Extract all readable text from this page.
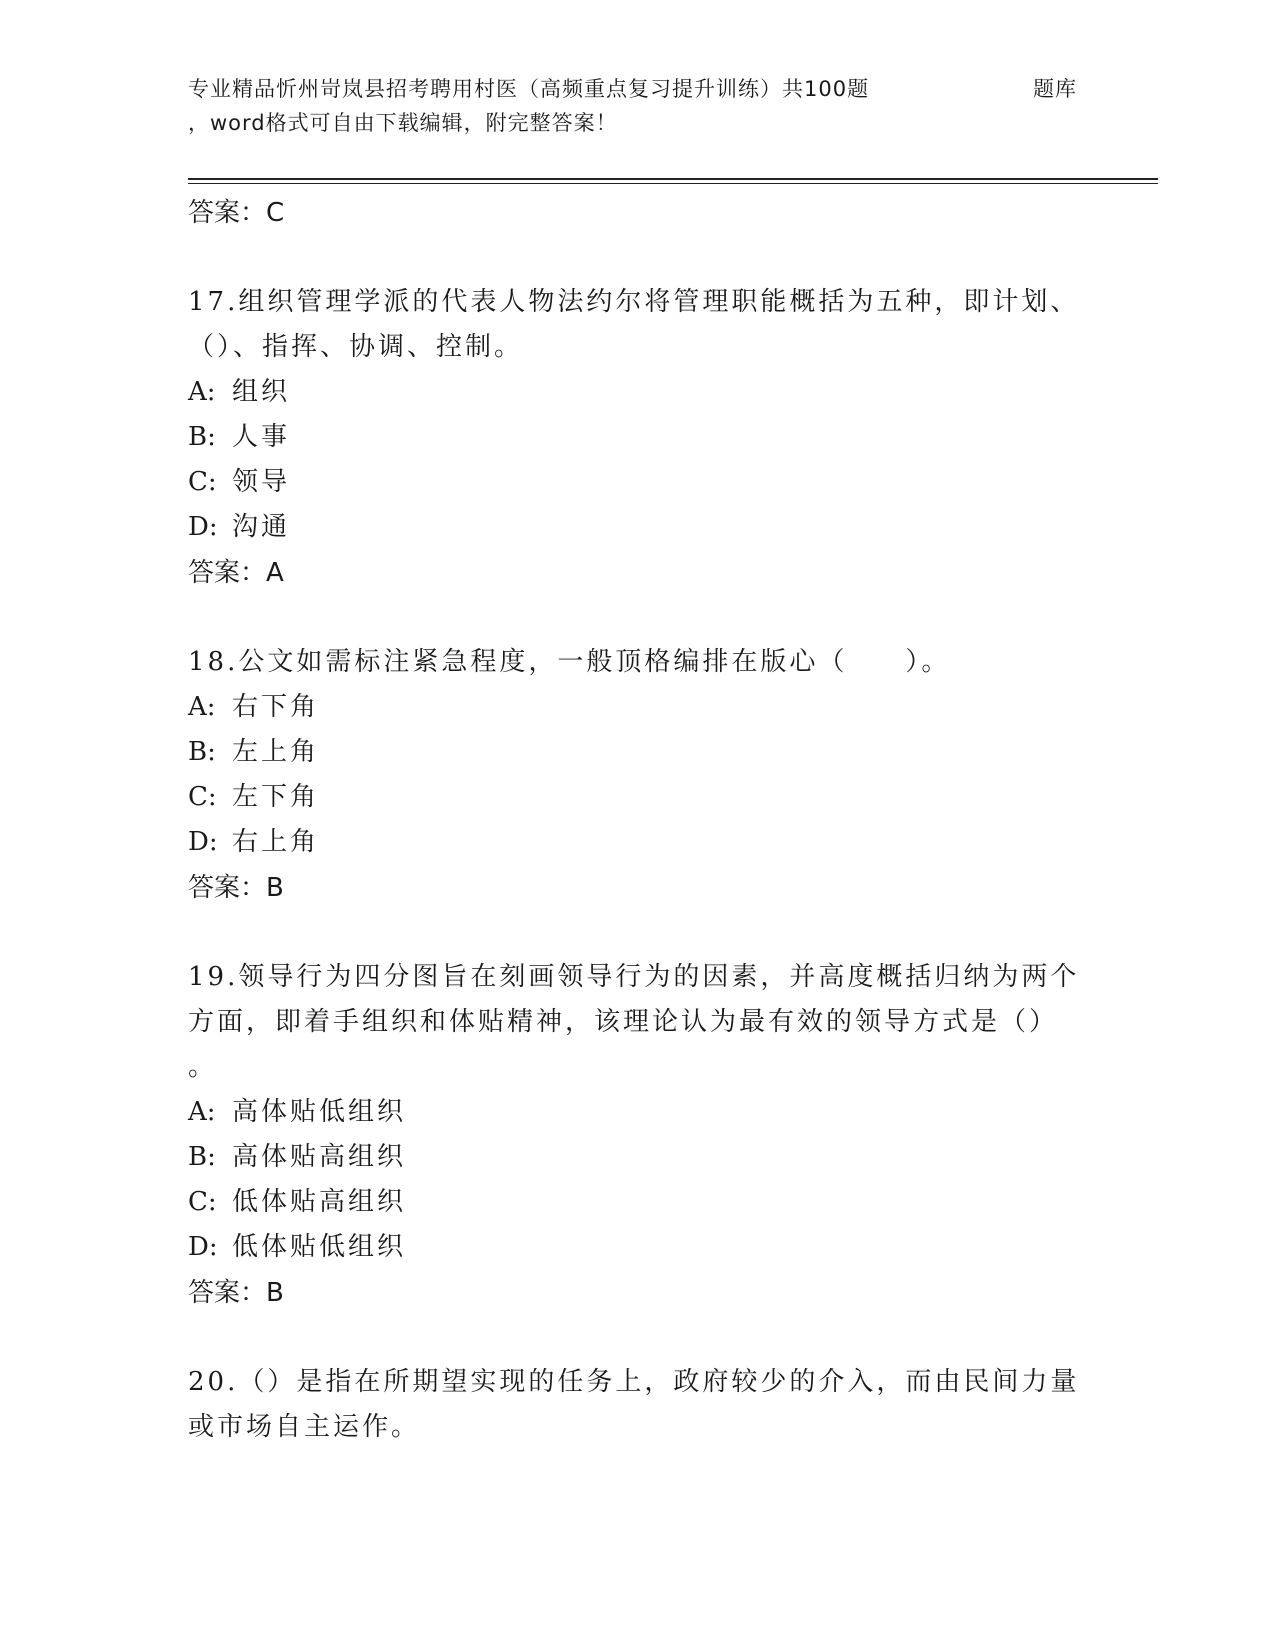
专业精品忻州岢岚县招考聘用村医（高频重点复习提升训练）共100题	题库
，word格式可自由下载编辑，附完整答案！
答案：C
17.组织管理学派的代表人物法约尔将管理职能概括为五种，即计划、
（）、指挥、协调、控制。
A: 组织
B: 人事
C: 领导
D: 沟通
答案：A
18.公文如需标注紧急程度，一般顶格编排在版心（　　）。
A: 右下角
B: 左上角
C: 左下角
D: 右上角
答案：B
19.领导行为四分图旨在刻画领导行为的因素，并高度概括归纳为两个
方面，即着手组织和体贴精神，该理论认为最有效的领导方式是（）
。
A: 高体贴低组织
B: 高体贴高组织
C: 低体贴高组织
D: 低体贴低组织
答案：B
20.（）是指在所期望实现的任务上，政府较少的介入，而由民间力量
或市场自主运作。
